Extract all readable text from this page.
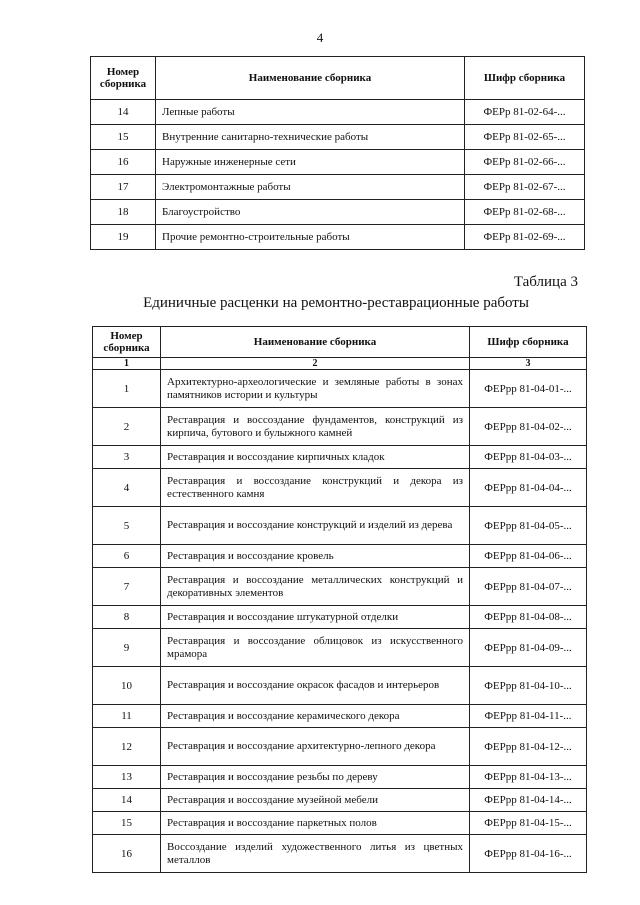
4
Номер сборника	Наименование сборника	Шифр сборника
14	Лепные работы	ФЕРр 81-02-64-...
15	Внутренние санитарно-технические работы	ФЕРр 81-02-65-...
16	Наружные инженерные сети	ФЕРр 81-02-66-...
17	Электромонтажные работы	ФЕРр 81-02-67-...
18	Благоустройство	ФЕРр 81-02-68-...
19	Прочие ремонтно-строительные работы	ФЕРр 81-02-69-...
Таблица 3
Единичные расценки на ремонтно-реставрационные работы
Номер сборника	Наименование сборника	Шифр сборника
1	2	3
1	Архитектурно-археологические и земляные работы в зонах памятников истории и культуры	ФЕРрр 81-04-01-...
2	Реставрация и воссоздание фундаментов, конструкций из кирпича, бутового и булыжного камней	ФЕРрр 81-04-02-...
3	Реставрация и воссоздание кирпичных кладок	ФЕРрр 81-04-03-...
4	Реставрация и воссоздание конструкций и декора из естественного камня	ФЕРрр 81-04-04-...
5	Реставрация и воссоздание конструкций и изделий из дерева	ФЕРрр 81-04-05-...
6	Реставрация и воссоздание кровель	ФЕРрр 81-04-06-...
7	Реставрация и воссоздание металлических конструкций и декоративных элементов	ФЕРрр 81-04-07-...
8	Реставрация и воссоздание штукатурной отделки	ФЕРрр 81-04-08-...
9	Реставрация и воссоздание облицовок из искусственного мрамора	ФЕРрр 81-04-09-...
10	Реставрация и воссоздание окрасок фасадов и интерьеров	ФЕРрр 81-04-10-...
11	Реставрация и воссоздание керамического декора	ФЕРрр 81-04-11-...
12	Реставрация и воссоздание архитектурно-лепного декора	ФЕРрр 81-04-12-...
13	Реставрация и воссоздание резьбы по дереву	ФЕРрр 81-04-13-...
14	Реставрация и воссоздание музейной мебели	ФЕРрр 81-04-14-...
15	Реставрация и воссоздание паркетных полов	ФЕРрр 81-04-15-...
16	Воссоздание изделий художественного литья из цветных металлов	ФЕРрр 81-04-16-...
